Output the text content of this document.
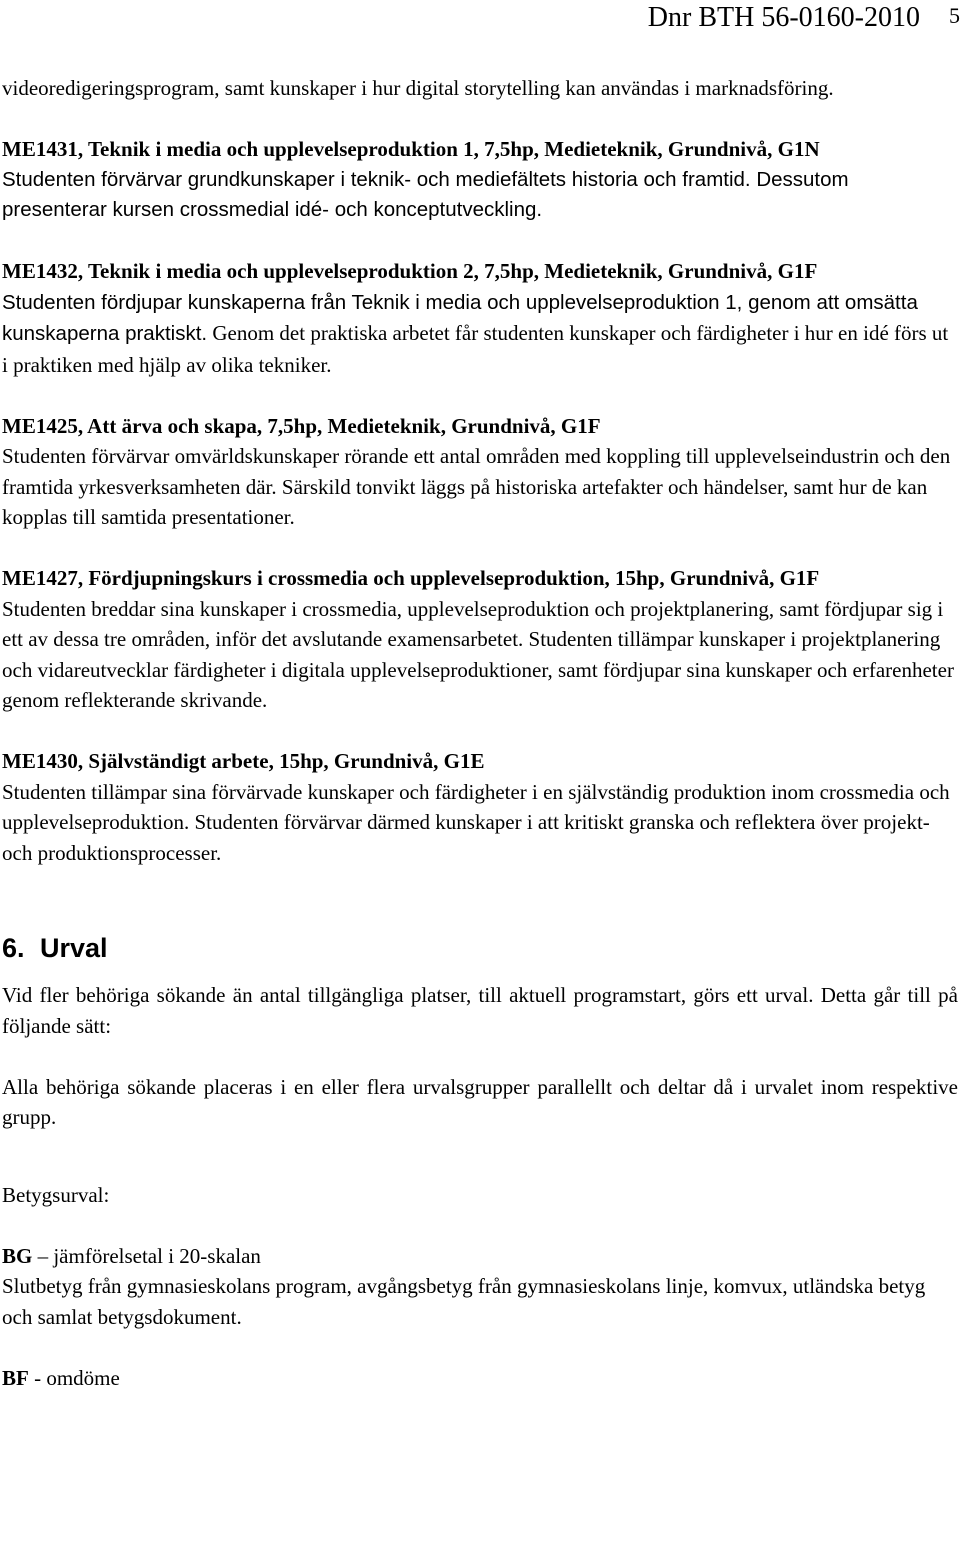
Dnr BTH 56-0160-2010 5

videoredigeringsprogram, samt kunskaper i hur digital storytelling kan användas i marknadsföring.

ME1431, Teknik i media och upplevelseproduktion 1, 7,5hp, Medieteknik, Grundnivå, G1N

Studenten förvärvar grundkunskaper i teknik- och mediefältets historia och framtid. Dessutom presenterar kursen crossmedial idé- och konceptutveckling.

ME1432, Teknik i media och upplevelseproduktion 2, 7,5hp, Medieteknik, Grundnivå, G1F

Studenten fördjupar kunskaperna från Teknik i media och upplevelseproduktion 1, genom att omsätta kunskaperna praktiskt. Genom det praktiska arbetet får studenten kunskaper och färdigheter i hur en idé förs ut i praktiken med hjälp av olika tekniker.

ME1425, Att ärva och skapa, 7,5hp, Medieteknik, Grundnivå, G1F

Studenten förvärvar omvärldskunskaper rörande ett antal områden med koppling till upplevelseindustrin och den framtida yrkesverksamheten där. Särskild tonvikt läggs på historiska artefakter och händelser, samt hur de kan kopplas till samtida presentationer.

ME1427, Fördjupningskurs i crossmedia och upplevelseproduktion, 15hp, Grundnivå, G1F

Studenten breddar sina kunskaper i crossmedia, upplevelseproduktion och projektplanering, samt fördjupar sig i ett av dessa tre områden, inför det avslutande examensarbetet. Studenten tillämpar kunskaper i projektplanering och vidareutvecklar färdigheter i digitala upplevelseproduktioner, samt fördjupar sina kunskaper och erfarenheter genom reflekterande skrivande.

ME1430, Självständigt arbete, 15hp, Grundnivå, G1E

Studenten tillämpar sina förvärvade kunskaper och färdigheter i en självständig produktion inom crossmedia och upplevelseproduktion. Studenten förvärvar därmed kunskaper i att kritiskt granska och reflektera över projekt- och produktionsprocesser.

6. Urval

Vid fler behöriga sökande än antal tillgängliga platser, till aktuell programstart, görs ett urval. Detta går till på följande sätt:

Alla behöriga sökande placeras i en eller flera urvalsgrupper parallellt och deltar då i urvalet inom respektive grupp.

Betygsurval:

BG – jämförelsetal i 20-skalan

Slutbetyg från gymnasieskolans program, avgångsbetyg från gymnasieskolans linje, komvux, utländska betyg och samlat betygsdokument.

BF - omdöme
